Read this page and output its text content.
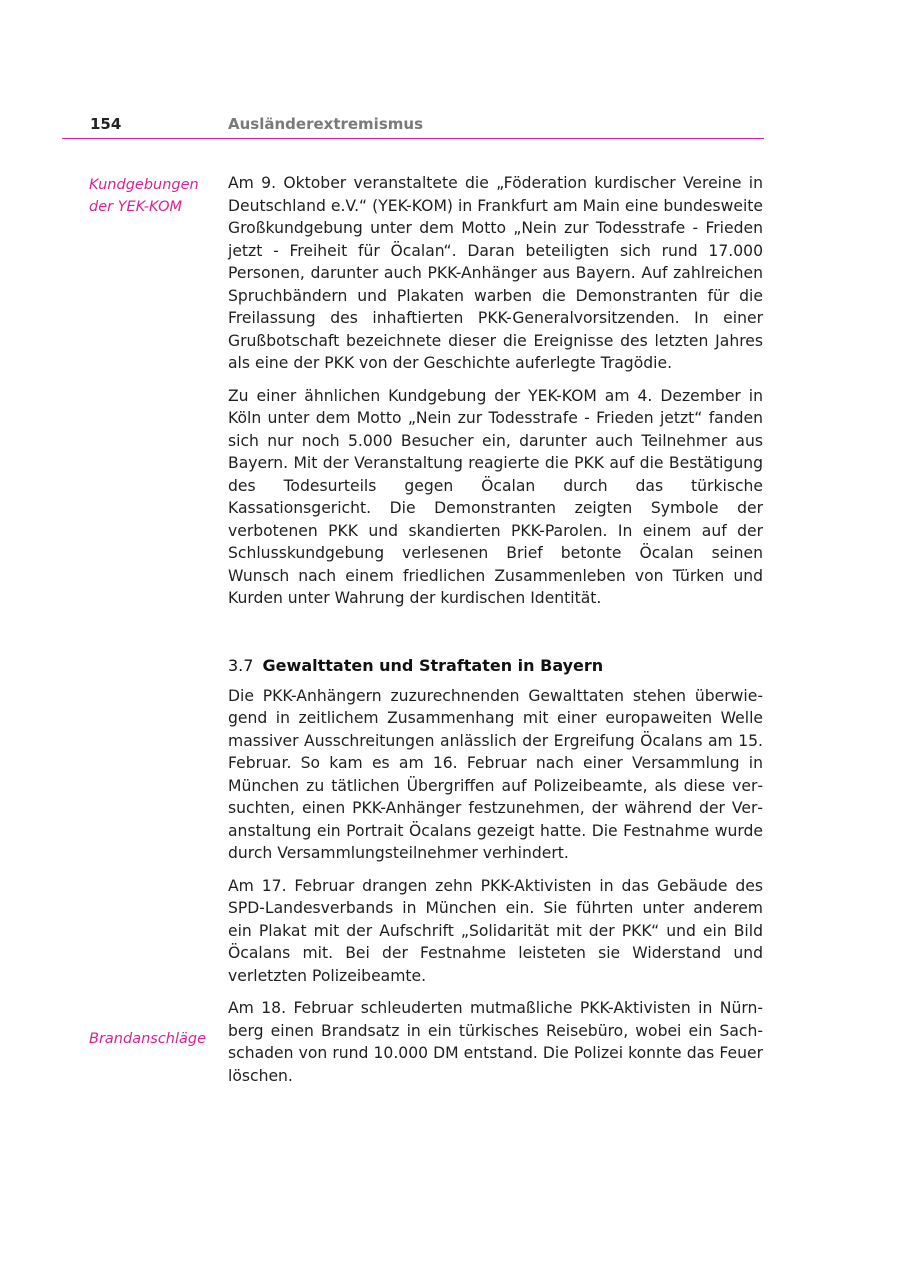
154	Ausländerextremismus
Kundgebungen
der YEK-KOM
Brandanschläge

Am 9. Oktober veranstaltete die „Föderation kurdischer Vereine in Deutschland e.V.“ (YEK-KOM) in Frankfurt am Main eine bundesweite Großkundgebung unter dem Motto „Nein zur Todesstrafe - Frieden jetzt - Freiheit für Öcalan“. Daran beteiligten sich rund 17.000 Personen, darunter auch PKK-Anhänger aus Bayern. Auf zahlreichen Spruchbändern und Plakaten warben die Demonstranten für die Freilassung des inhaftierten PKK-Generalvorsitzenden. In einer Grußbotschaft bezeichnete dieser die Ereignisse des letzten Jahres als eine der PKK von der Geschichte auferlegte Tragödie.

Zu einer ähnlichen Kundgebung der YEK-KOM am 4. Dezember in Köln unter dem Motto „Nein zur Todesstrafe - Frieden jetzt“ fanden sich nur noch 5.000 Besucher ein, darunter auch Teilnehmer aus Bayern. Mit der Veranstaltung reagierte die PKK auf die Bestätigung des Todesurteils gegen Öcalan durch das türkische Kassationsgericht. Die Demonstranten zeigten Symbole der verbotenen PKK und skandierten PKK-Parolen. In einem auf der Schlusskundgebung verlesenen Brief betonte Öcalan seinen Wunsch nach einem friedlichen Zusammenleben von Türken und Kurden unter Wahrung der kurdischen Identität.

3.7 Gewalttaten und Straftaten in Bayern

Die PKK-Anhängern zuzurechnenden Gewalttaten stehen überwiegend in zeitlichem Zusammenhang mit einer europaweiten Welle massiver Ausschreitungen anlässlich der Ergreifung Öcalans am 15. Februar. So kam es am 16. Februar nach einer Versammlung in München zu tätlichen Übergriffen auf Polizeibeamte, als diese versuchten, einen PKK-Anhänger festzunehmen, der während der Veranstaltung ein Portrait Öcalans gezeigt hatte. Die Festnahme wurde durch Versammlungsteilnehmer verhindert.

Am 17. Februar drangen zehn PKK-Aktivisten in das Gebäude des SPD-Landesverbands in München ein. Sie führten unter anderem ein Plakat mit der Aufschrift „Solidarität mit der PKK“ und ein Bild Öcalans mit. Bei der Festnahme leisteten sie Widerstand und verletzten Polizeibeamte.

Am 18. Februar schleuderten mutmaßliche PKK-Aktivisten in Nürnberg einen Brandsatz in ein türkisches Reisebüro, wobei ein Sachschaden von rund 10.000 DM entstand. Die Polizei konnte das Feuer löschen.
